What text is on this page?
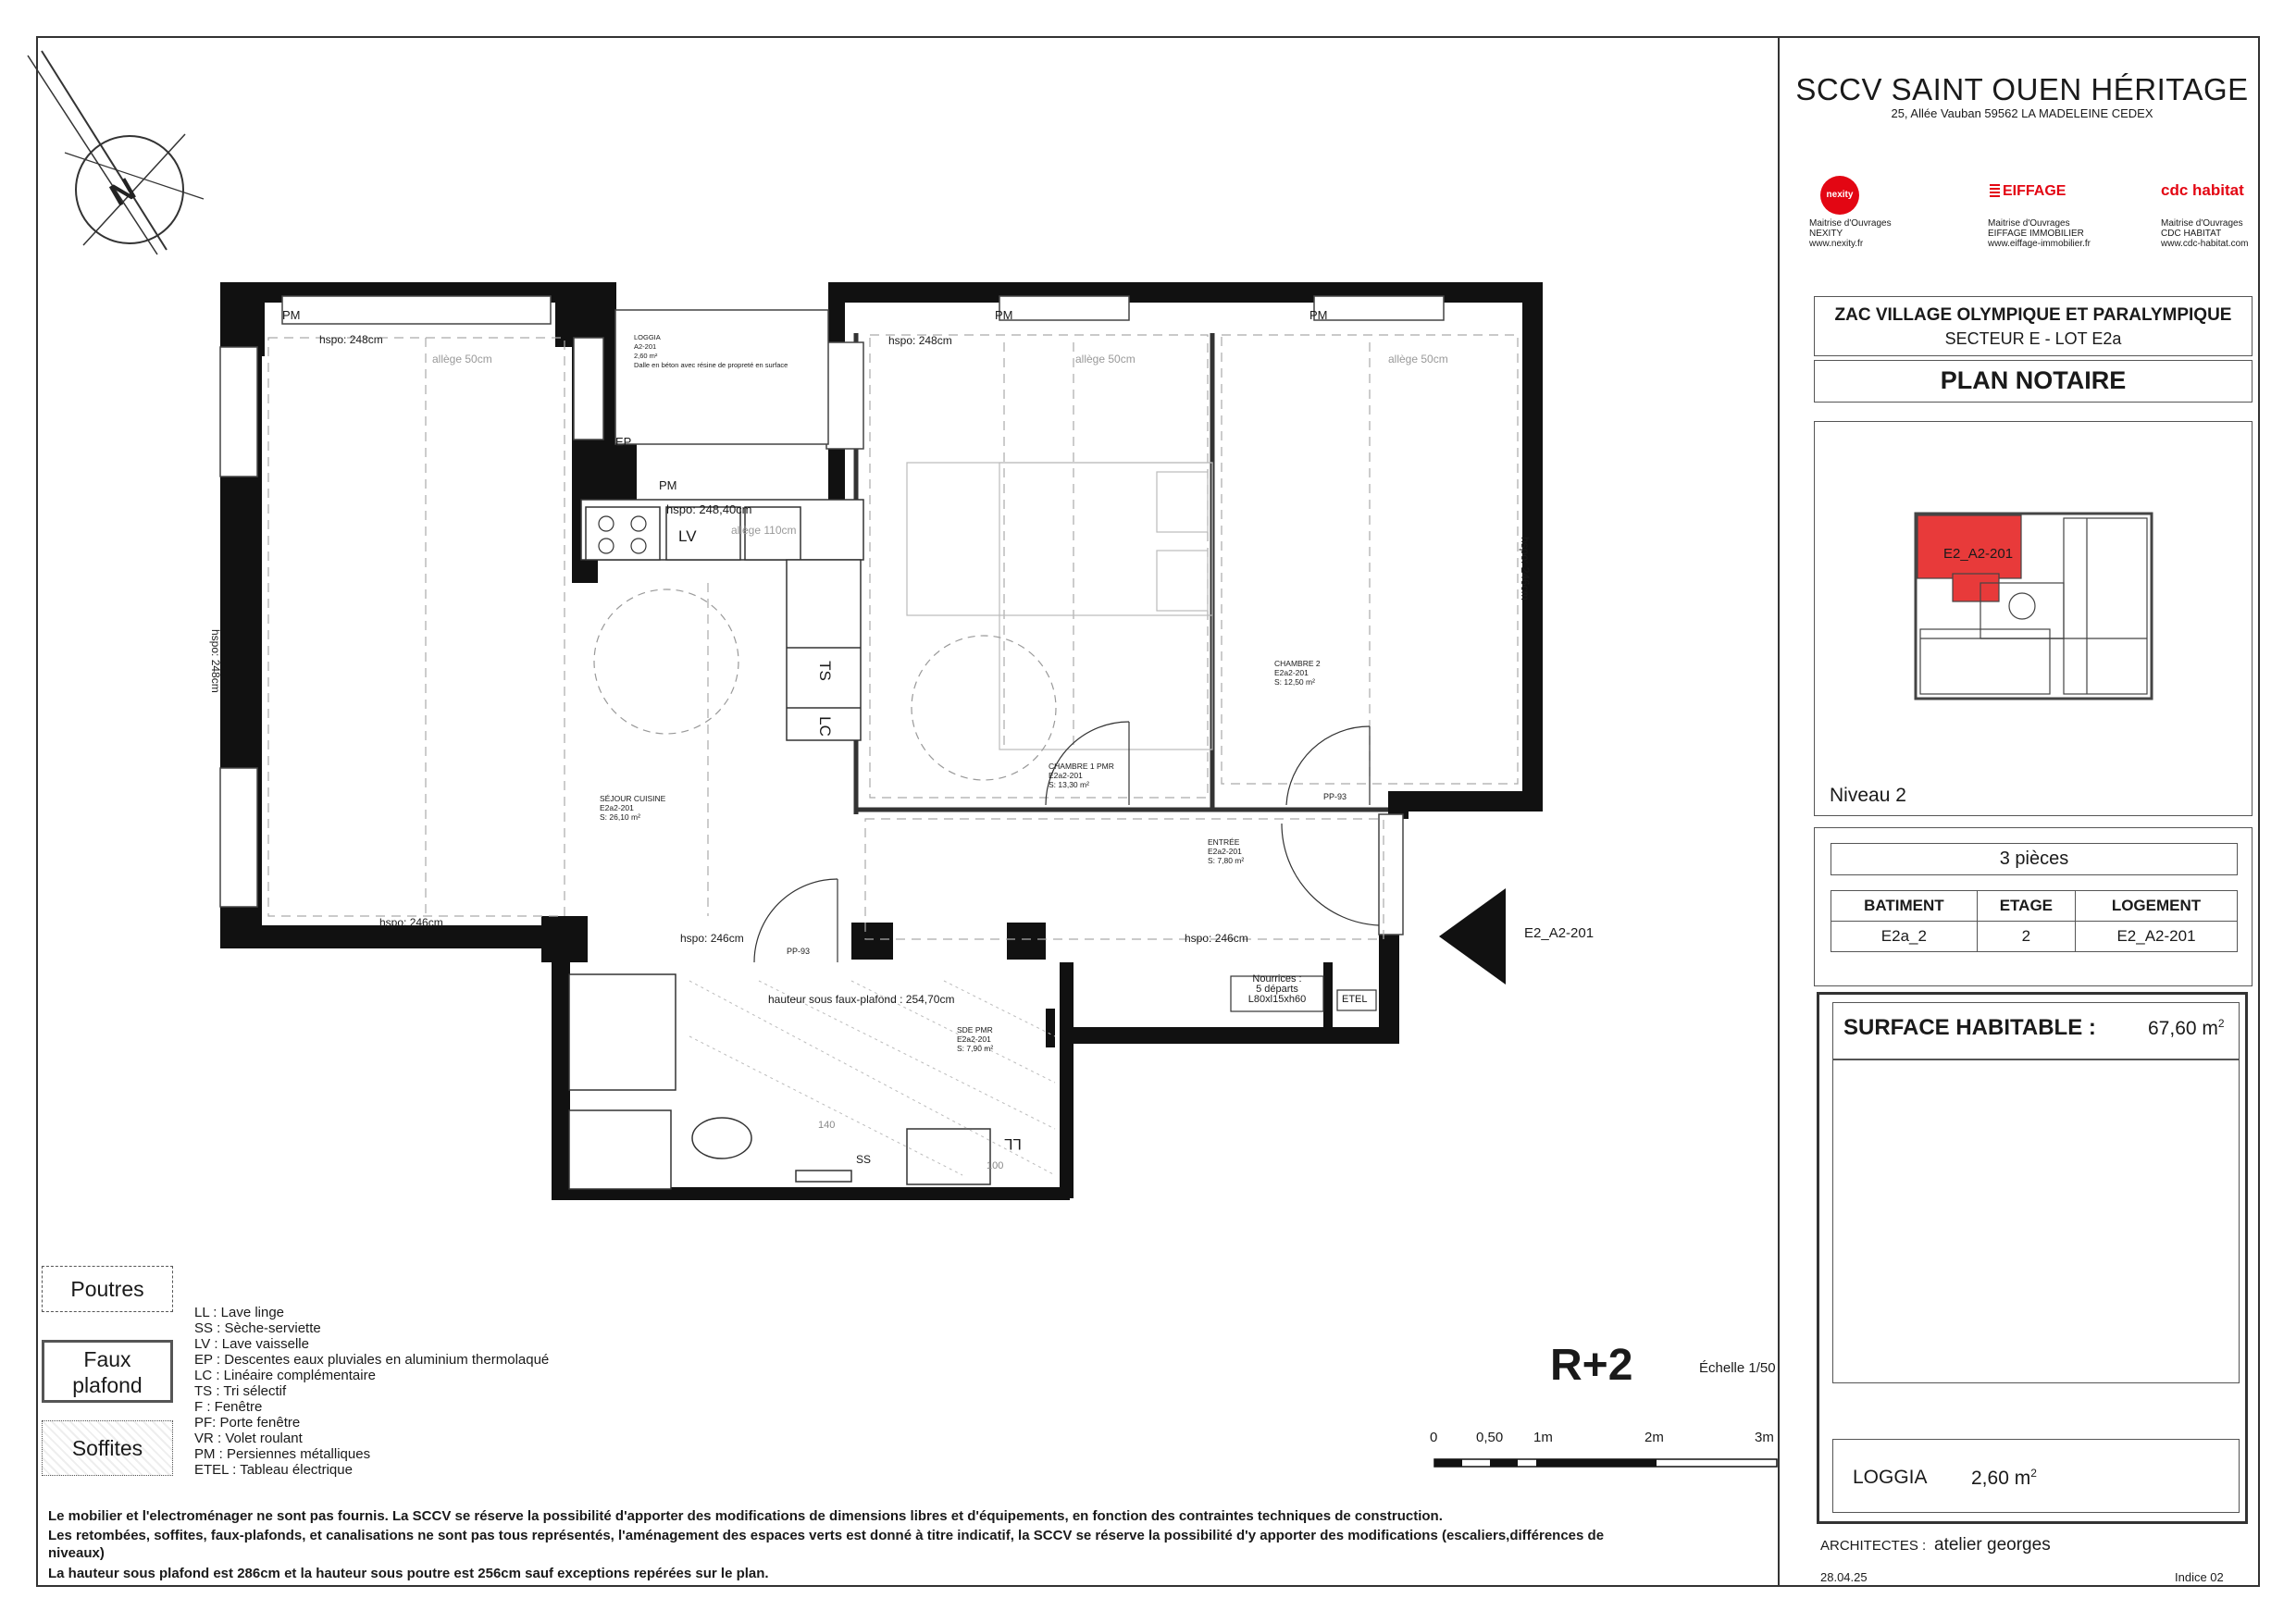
N
PM	PM	PM
PM
EP
hspo: 248cm	hspo: 248cm
hspo: 248,40cm
allège 50cm	allège 50cm	allège 50cm
allège 110cm
hspo: 248cm
hspo: 246cm
hspo: 246cm
hspo: 246cm	hspo: 246cm
LV
TS
LC
LL
SS
PP-93
PP-93
hauteur sous faux-plafond : 254,70cm
Nourrices :
5 départs
L80xl15xh60	ETEL
140
100
E2_A2-201
SÉJOUR CUISINE
E2a2-201
S: 26,10 m²
CHAMBRE 1 PMR
E2a2-201
S: 13,30 m²
CHAMBRE 2
E2a2-201
S: 12,50 m²
ENTRÉE
E2a2-201
S: 7,80 m²
SDE PMR
E2a2-201
S: 7,90 m²
LOGGIA
A2-201
2,60 m²
Dalle en béton avec résine de propreté en surface
Poutres
Faux plafond
Soffites
LL : Lave linge
SS : Sèche-serviette
LV : Lave vaisselle
EP : Descentes eaux pluviales en aluminium thermolaqué
LC : Linéaire complémentaire
TS : Tri sélectif
F : Fenêtre
PF: Porte fenêtre
VR : Volet roulant
PM : Persiennes métalliques
ETEL : Tableau électrique
R+2	Échelle 1/50
0	0,50 1m	2m	3m
Le mobilier et l'electroménager ne sont pas fournis. La SCCV se réserve la possibilité d'apporter des modifications de dimensions libres et d'équipements, en fonction des contraintes techniques de construction.
Les retombées, soffites, faux-plafonds, et canalisations ne sont pas tous représentés, l'aménagement des espaces verts est donné à titre indicatif, la SCCV se réserve la possibilité d'y apporter des modifications (escaliers,différences de
niveaux)
La hauteur sous plafond est 286cm et la hauteur sous poutre est 256cm sauf exceptions repérées sur le plan.
SCCV SAINT OUEN HÉRITAGE
25, Allée Vauban 59562 LA MADELEINE CEDEX
nexity
Maitrise d'Ouvrages
NEXITY
www.nexity.fr
EIFFAGE
Maitrise d'Ouvrages
EIFFAGE IMMOBILIER
www.eiffage-immobilier.fr
cdc habitat
Maitrise d'Ouvrages
CDC HABITAT
www.cdc-habitat.com
ZAC VILLAGE OLYMPIQUE ET PARALYMPIQUE
SECTEUR E - LOT E2a
PLAN NOTAIRE
E2_A2-201
Niveau 2
3 pièces
BATIMENT	ETAGE	LOGEMENT
E2a_2	2	E2_A2-201
SURFACE HABITABLE :	67,60 $m^2$
LOGGIA 2,60 $m^2$
ARCHITECTES : atelier georges
28.04.25	Indice 02
